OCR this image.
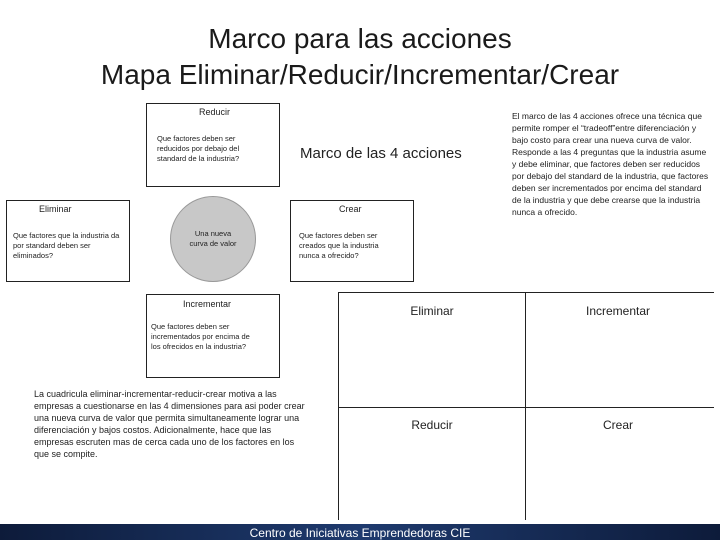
Marco para las acciones
Mapa Eliminar/Reducir/Incrementar/Crear
Reducir
Que factores deben ser reducidos por debajo del standard de la industria?
Eliminar
Que factores que la industria da por standard deben ser eliminados?
Crear
Que factores deben ser creados que la industria nunca a ofrecido?
Incrementar
Que factores deben ser incrementados por encima de los ofrecidos en la industria?
Una nueva curva de valor
Marco de las 4 acciones
El marco de las 4 acciones ofrece una técnica que permite romper el “tradeoff”entre diferenciación y bajo costo para crear una nueva curva de valor. Responde a las 4 preguntas que la industria asume y debe eliminar, que factores deben ser reducidos por debajo del standard de la industria, que factores deben ser incrementados por encima del standard de la industria y que debe crearse que la industria nunca a ofrecido.
La cuadricula eliminar-incrementar-reducir-crear motiva a las empresas a cuestionarse en las 4 dimensiones para asi poder crear una nueva curva de valor que permita simultaneamente lograr una diferenciación y bajos costos. Adicionalmente, hace que las empresas escruten mas de cerca cada uno de los factores en los que se compite.
Eliminar	Incrementar
Reducir	Crear
Centro de Iniciativas Emprendedoras CIE
